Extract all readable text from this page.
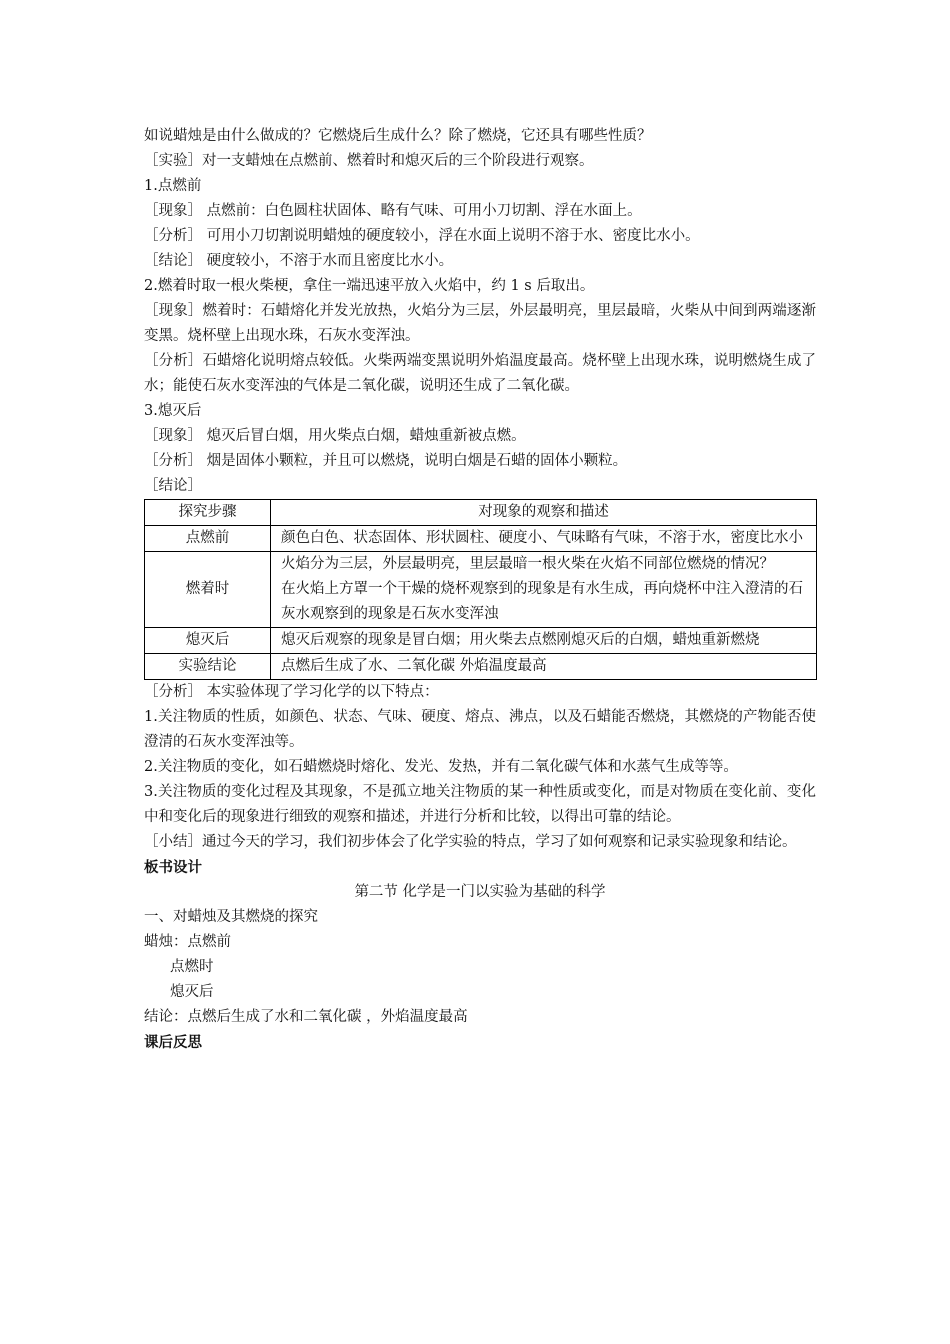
如说蜡烛是由什么做成的？它燃烧后生成什么？除了燃烧，它还具有哪些性质？

［实验］对一支蜡烛在点燃前、燃着时和熄灭后的三个阶段进行观察。

1.点燃前

［现象］ 点燃前：白色圆柱状固体、略有气味、可用小刀切割、浮在水面上。

［分析］ 可用小刀切割说明蜡烛的硬度较小，浮在水面上说明不溶于水、密度比水小。

［结论］ 硬度较小，不溶于水而且密度比水小。

2.燃着时取一根火柴梗，拿住一端迅速平放入火焰中，约 1 s 后取出。

［现象］燃着时：石蜡熔化并发光放热，火焰分为三层，外层最明亮，里层最暗，火柴从中间到两端逐渐变黑。烧杯壁上出现水珠，石灰水变浑浊。

［分析］石蜡熔化说明熔点较低。火柴两端变黑说明外焰温度最高。烧杯壁上出现水珠，说明燃烧生成了水；能使石灰水变浑浊的气体是二氧化碳，说明还生成了二氧化碳。

3.熄灭后

［现象］ 熄灭后冒白烟，用火柴点白烟，蜡烛重新被点燃。

［分析］ 烟是固体小颗粒，并且可以燃烧，说明白烟是石蜡的固体小颗粒。

［结论］

探究步骤	对现象的观察和描述
点燃前	颜色白色、状态固体、形状圆柱、硬度小、气味略有气味，不溶于水，密度比水小
燃着时	火焰分为三层，外层最明亮，里层最暗一根火柴在火焰不同部位燃烧的情况？
在火焰上方罩一个干燥的烧杯观察到的现象是有水生成，再向烧杯中注入澄清的石灰水观察到的现象是石灰水变浑浊

熄灭后	熄灭后观察的现象是冒白烟；用火柴去点燃刚熄灭后的白烟，蜡烛重新燃烧
实验结论	点燃后生成了水、二氧化碳 外焰温度最高

［分析］ 本实验体现了学习化学的以下特点：

1.关注物质的性质，如颜色、状态、气味、硬度、熔点、沸点，以及石蜡能否燃烧，其燃烧的产物能否使澄清的石灰水变浑浊等。

2.关注物质的变化，如石蜡燃烧时熔化、发光、发热，并有二氧化碳气体和水蒸气生成等等。

3.关注物质的变化过程及其现象，不是孤立地关注物质的某一种性质或变化，而是对物质在变化前、变化中和变化后的现象进行细致的观察和描述，并进行分析和比较，以得出可靠的结论。

［小结］通过今天的学习，我们初步体会了化学实验的特点，学习了如何观察和记录实验现象和结论。

板书设计

第二节 化学是一门以实验为基础的科学

一、对蜡烛及其燃烧的探究

蜡烛：点燃前

点燃时

熄灭后

结论：点燃后生成了水和二氧化碳 ，外焰温度最高

课后反思
